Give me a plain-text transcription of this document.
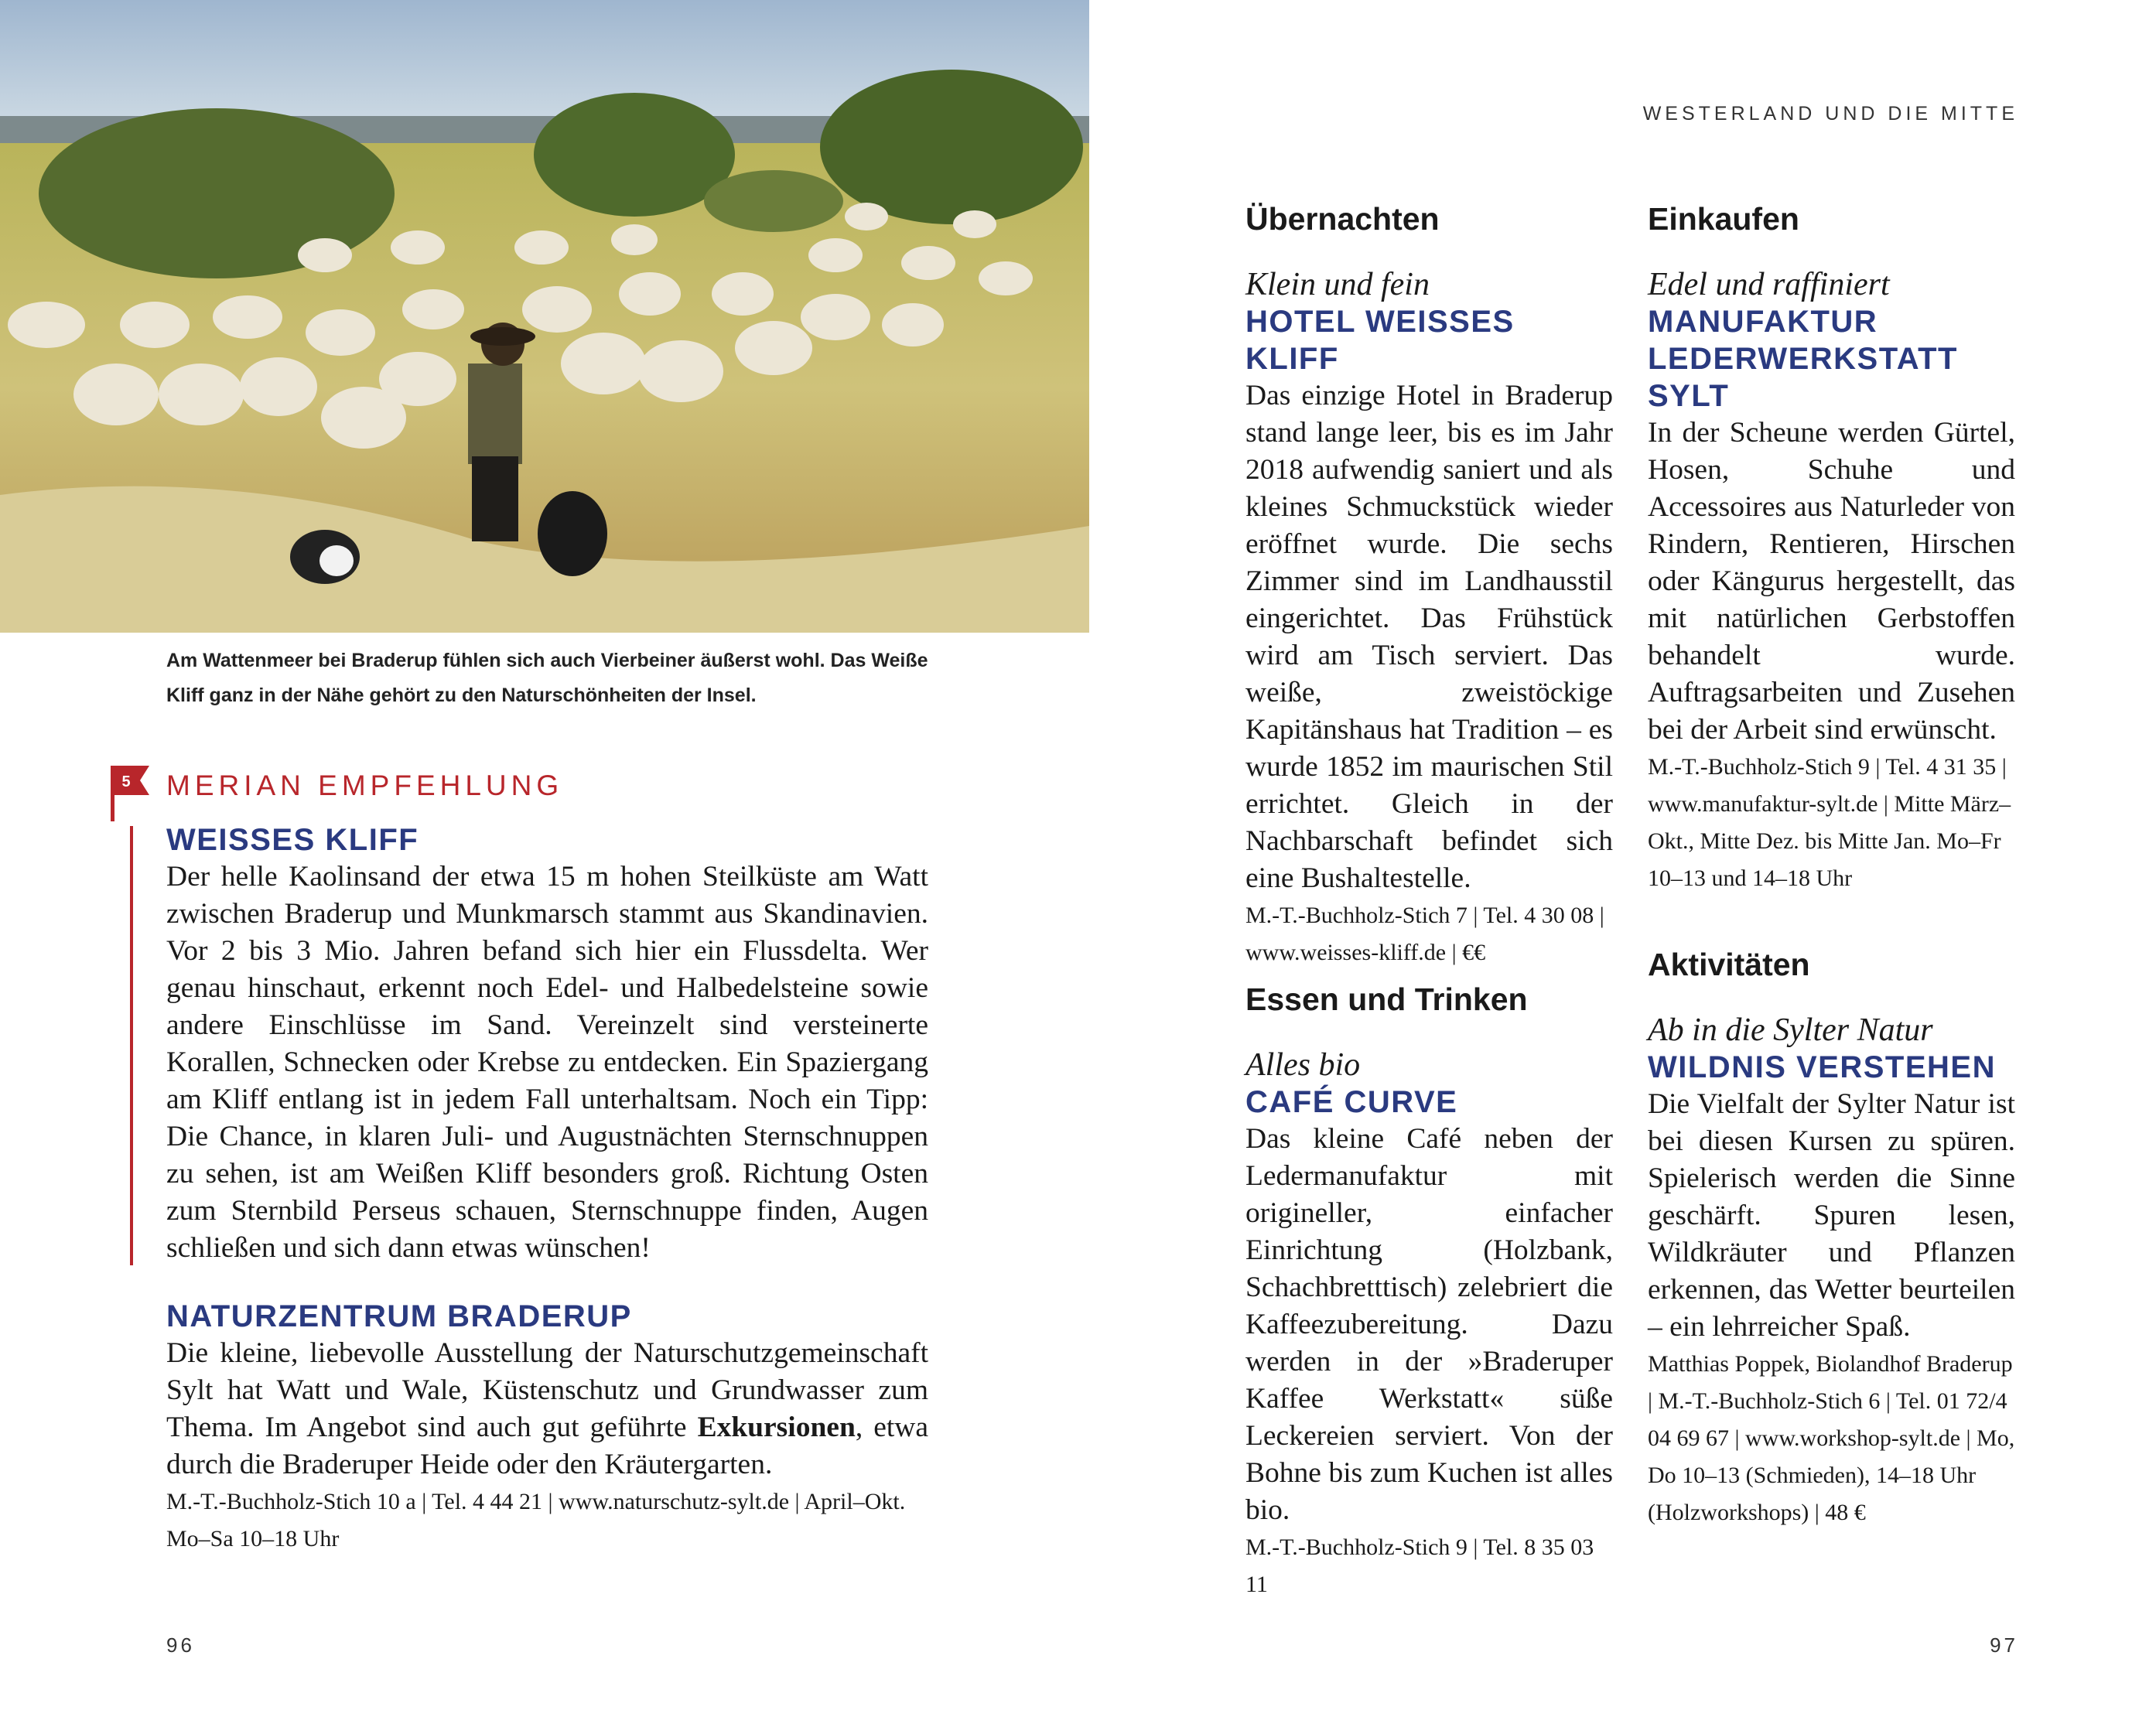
Am Wattenmeer bei Braderup fühlen sich auch Vierbeiner äußerst wohl. Das Weiße Kliff ganz in der Nähe gehört zu den Naturschönheiten der Insel.
5 MERIAN EMPFEHLUNG
WEISSES KLIFF

Der helle Kaolinsand der etwa 15 m hohen Steilküste am Watt zwischen Braderup und Munkmarsch stammt aus Skandinavien. Vor 2 bis 3 Mio. Jahren befand sich hier ein Flussdelta. Wer genau hinschaut, erkennt noch Edel- und Halbedelsteine sowie andere Einschlüsse im Sand. Vereinzelt sind versteinerte Korallen, Schnecken oder Krebse zu entdecken. Ein Spaziergang am Kliff entlang ist in jedem Fall unterhaltsam. Noch ein Tipp: Die Chance, in klaren Juli- und Augustnächten Sternschnuppen zu sehen, ist am Weißen Kliff besonders groß. Richtung Osten zum Sternbild Perseus schauen, Sternschnuppe finden, Augen schließen und sich dann etwas wünschen!

NATURZENTRUM BRADERUP

Die kleine, liebevolle Ausstellung der Naturschutzgemeinschaft Sylt hat Watt und Wale, Küstenschutz und Grundwasser zum Thema. Im Angebot sind auch gut geführte Exkursionen, etwa durch die Braderuper Heide oder den Kräutergarten.

M.-T.-Buchholz-Stich 10 a | Tel. 4 44 21 | www.naturschutz-sylt.de | April–Okt. Mo–Sa 10–18 Uhr

96
WESTERLAND UND DIE MITTE
Übernachten
Klein und fein
HOTEL WEISSES KLIFF

Das einzige Hotel in Braderup stand lange leer, bis es im Jahr 2018 aufwendig saniert und als kleines Schmuckstück wieder eröffnet wurde. Die sechs Zimmer sind im Landhausstil eingerichtet. Das Frühstück wird am Tisch serviert. Das weiße, zweistöckige Kapitänshaus hat Tradition – es wurde 1852 im maurischen Stil errichtet. Gleich in der Nachbarschaft befindet sich eine Bushaltestelle.

M.-T.-Buchholz-Stich 7 | Tel. 4 30 08 | www.weisses-kliff.de | €€

Essen und Trinken
Alles bio
CAFÉ CURVE

Das kleine Café neben der Ledermanufaktur mit origineller, einfacher Einrichtung (Holzbank, Schachbretttisch) zelebriert die Kaffeezubereitung. Dazu werden in der »Braderuper Kaffee Werkstatt« süße Leckereien serviert. Von der Bohne bis zum Kuchen ist alles bio.

M.-T.-Buchholz-Stich 9 | Tel. 8 35 03 11

Einkaufen
Edel und raffiniert
MANUFAKTUR LEDERWERKSTATT SYLT

In der Scheune werden Gürtel, Hosen, Schuhe und Accessoires aus Naturleder von Rindern, Rentieren, Hirschen oder Kängurus hergestellt, das mit natürlichen Gerbstoffen behandelt wurde. Auftragsarbeiten und Zusehen bei der Arbeit sind erwünscht.

M.-T.-Buchholz-Stich 9 | Tel. 4 31 35 | www.manufaktur-sylt.de | Mitte März–Okt., Mitte Dez. bis Mitte Jan. Mo–Fr 10–13 und 14–18 Uhr

Aktivitäten
Ab in die Sylter Natur
WILDNIS VERSTEHEN

Die Vielfalt der Sylter Natur ist bei diesen Kursen zu spüren. Spielerisch werden die Sinne geschärft. Spuren lesen, Wildkräuter und Pflanzen erkennen, das Wetter beurteilen – ein lehrreicher Spaß.

Matthias Poppek, Biolandhof Braderup | M.-T.-Buchholz-Stich 6 | Tel. 01 72/4 04 69 67 | www.workshop-sylt.de | Mo, Do 10–13 (Schmieden), 14–18 Uhr (Holzworkshops) | 48 €

97
